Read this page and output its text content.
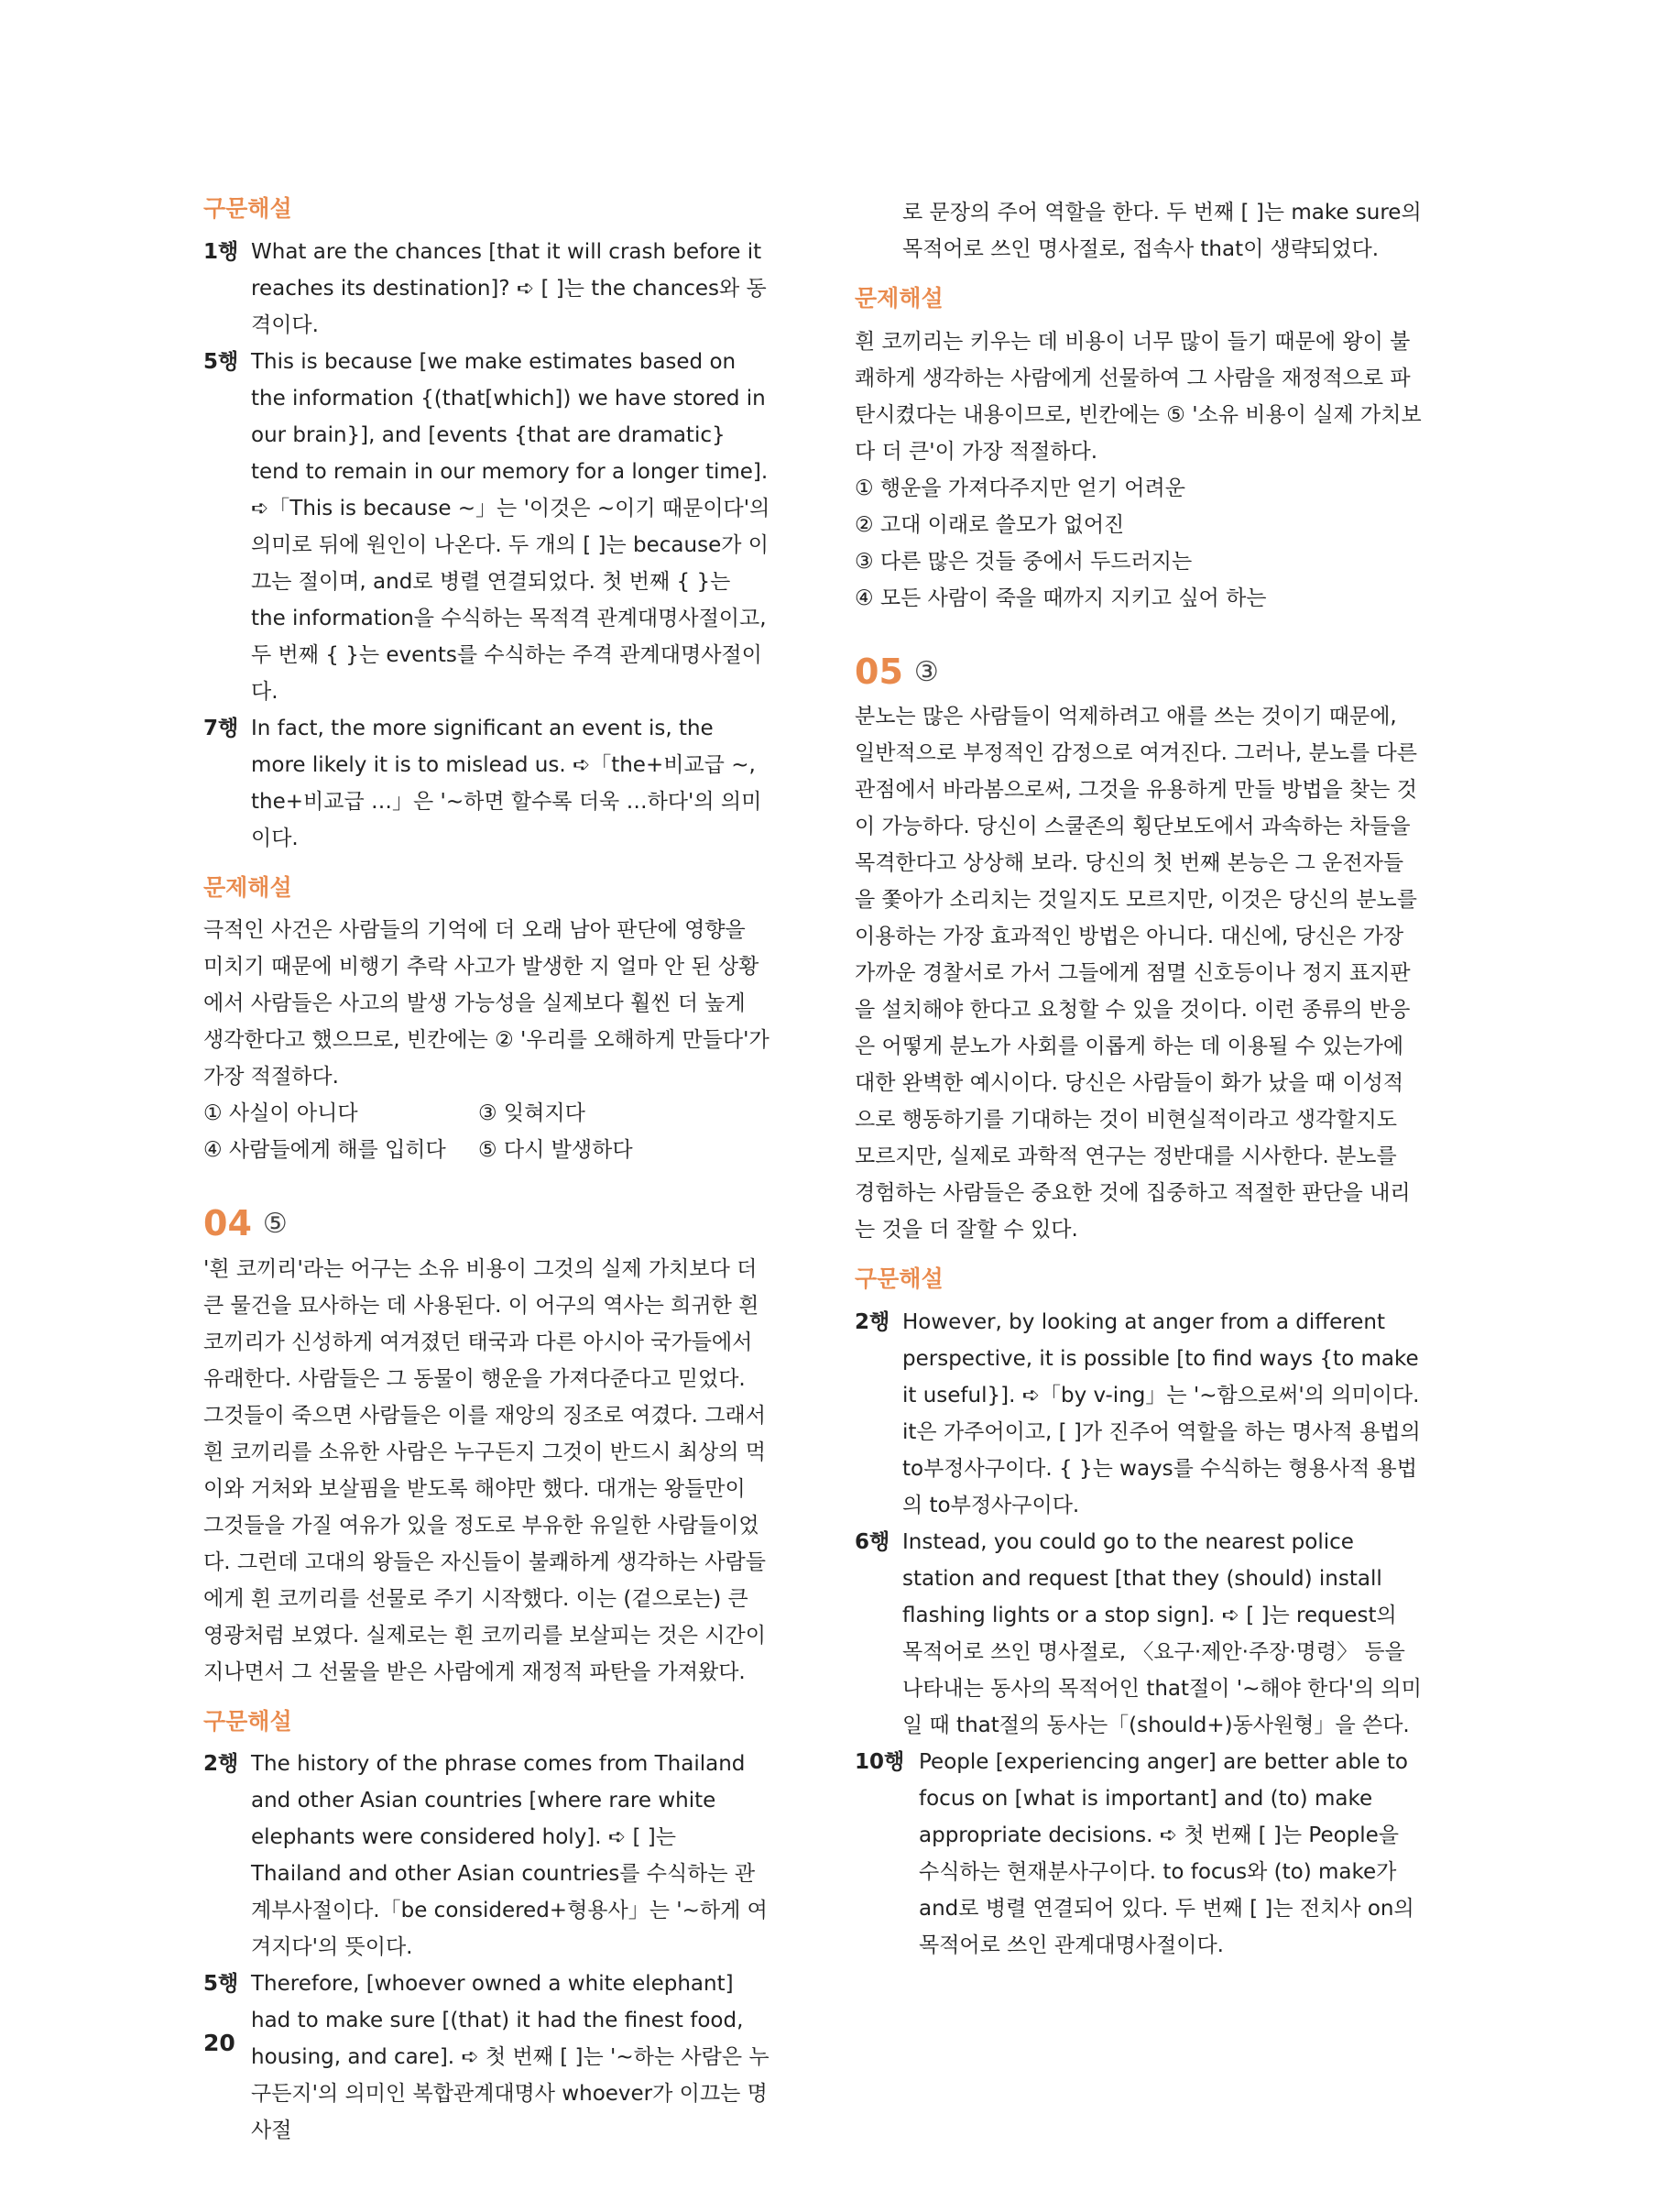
구문해설
1행 What are the chances [that it will crash before it reaches its destination]? ➪ [ ]는 the chances와 동격이다.
5행 This is because [we make estimates based on the information {(that[which]) we have stored in our brain}], and [events {that are dramatic} tend to remain in our memory for a longer time]. ➪「This is because ~」는 '이것은 ~이기 때문이다'의 의미로 뒤에 원인이 나온다. 두 개의 [ ]는 because가 이끄는 절이며, and로 병렬 연결되었다. 첫 번째 { }는 the information을 수식하는 목적격 관계대명사절이고, 두 번째 { }는 events를 수식하는 주격 관계대명사절이다.
7행 In fact, the more significant an event is, the more likely it is to mislead us. ➪「the+비교급 ~, the+비교급 …」은 '~하면 할수록 더욱 …하다'의 의미이다.
문제해설
극적인 사건은 사람들의 기억에 더 오래 남아 판단에 영향을 미치기 때문에 비행기 추락 사고가 발생한 지 얼마 안 된 상황에서 사람들은 사고의 발생 가능성을 실제보다 훨씬 더 높게 생각한다고 했으므로, 빈칸에는 ② '우리를 오해하게 만들다'가 가장 적절하다.
① 사실이 아니다	③ 잊혀지다
④ 사람들에게 해를 입히다	⑤ 다시 발생하다
04 ⑤
'흰 코끼리'라는 어구는 소유 비용이 그것의 실제 가치보다 더 큰 물건을 묘사하는 데 사용된다. 이 어구의 역사는 희귀한 흰 코끼리가 신성하게 여겨졌던 태국과 다른 아시아 국가들에서 유래한다. 사람들은 그 동물이 행운을 가져다준다고 믿었다. 그것들이 죽으면 사람들은 이를 재앙의 징조로 여겼다. 그래서 흰 코끼리를 소유한 사람은 누구든지 그것이 반드시 최상의 먹이와 거처와 보살핌을 받도록 해야만 했다. 대개는 왕들만이 그것들을 가질 여유가 있을 정도로 부유한 유일한 사람들이었다. 그런데 고대의 왕들은 자신들이 불쾌하게 생각하는 사람들에게 흰 코끼리를 선물로 주기 시작했다. 이는 (겉으로는) 큰 영광처럼 보였다. 실제로는 흰 코끼리를 보살피는 것은 시간이 지나면서 그 선물을 받은 사람에게 재정적 파탄을 가져왔다.
구문해설
2행 The history of the phrase comes from Thailand and other Asian countries [where rare white elephants were considered holy]. ➪ [ ]는 Thailand and other Asian countries를 수식하는 관계부사절이다.「be considered+형용사」는 '~하게 여겨지다'의 뜻이다.
5행 Therefore, [whoever owned a white elephant] had to make sure [(that) it had the finest food, housing, and care]. ➪ 첫 번째 [ ]는 '~하는 사람은 누구든지'의 의미인 복합관계대명사 whoever가 이끄는 명사절
로 문장의 주어 역할을 한다. 두 번째 [ ]는 make sure의 목적어로 쓰인 명사절로, 접속사 that이 생략되었다.
문제해설
흰 코끼리는 키우는 데 비용이 너무 많이 들기 때문에 왕이 불쾌하게 생각하는 사람에게 선물하여 그 사람을 재정적으로 파탄시켰다는 내용이므로, 빈칸에는 ⑤ '소유 비용이 실제 가치보다 더 큰'이 가장 적절하다.
① 행운을 가져다주지만 얻기 어려운
② 고대 이래로 쓸모가 없어진
③ 다른 많은 것들 중에서 두드러지는
④ 모든 사람이 죽을 때까지 지키고 싶어 하는
05 ③
분노는 많은 사람들이 억제하려고 애를 쓰는 것이기 때문에, 일반적으로 부정적인 감정으로 여겨진다. 그러나, 분노를 다른 관점에서 바라봄으로써, 그것을 유용하게 만들 방법을 찾는 것이 가능하다. 당신이 스쿨존의 횡단보도에서 과속하는 차들을 목격한다고 상상해 보라. 당신의 첫 번째 본능은 그 운전자들을 쫓아가 소리치는 것일지도 모르지만, 이것은 당신의 분노를 이용하는 가장 효과적인 방법은 아니다. 대신에, 당신은 가장 가까운 경찰서로 가서 그들에게 점멸 신호등이나 정지 표지판을 설치해야 한다고 요청할 수 있을 것이다. 이런 종류의 반응은 어떻게 분노가 사회를 이롭게 하는 데 이용될 수 있는가에 대한 완벽한 예시이다. 당신은 사람들이 화가 났을 때 이성적으로 행동하기를 기대하는 것이 비현실적이라고 생각할지도 모르지만, 실제로 과학적 연구는 정반대를 시사한다. 분노를 경험하는 사람들은 중요한 것에 집중하고 적절한 판단을 내리는 것을 더 잘할 수 있다.
구문해설
2행 However, by looking at anger from a different perspective, it is possible [to find ways {to make it useful}]. ➪「by v-ing」는 '~함으로써'의 의미이다. it은 가주어이고, [ ]가 진주어 역할을 하는 명사적 용법의 to부정사구이다. { }는 ways를 수식하는 형용사적 용법의 to부정사구이다.
6행 Instead, you could go to the nearest police station and request [that they (should) install flashing lights or a stop sign]. ➪ [ ]는 request의 목적어로 쓰인 명사절로, 〈요구·제안·주장·명령〉 등을 나타내는 동사의 목적어인 that절이 '~해야 한다'의 의미일 때 that절의 동사는「(should+)동사원형」을 쓴다.
10행 People [experiencing anger] are better able to focus on [what is important] and (to) make appropriate decisions. ➪ 첫 번째 [ ]는 People을 수식하는 현재분사구이다. to focus와 (to) make가 and로 병렬 연결되어 있다. 두 번째 [ ]는 전치사 on의 목적어로 쓰인 관계대명사절이다.
20
